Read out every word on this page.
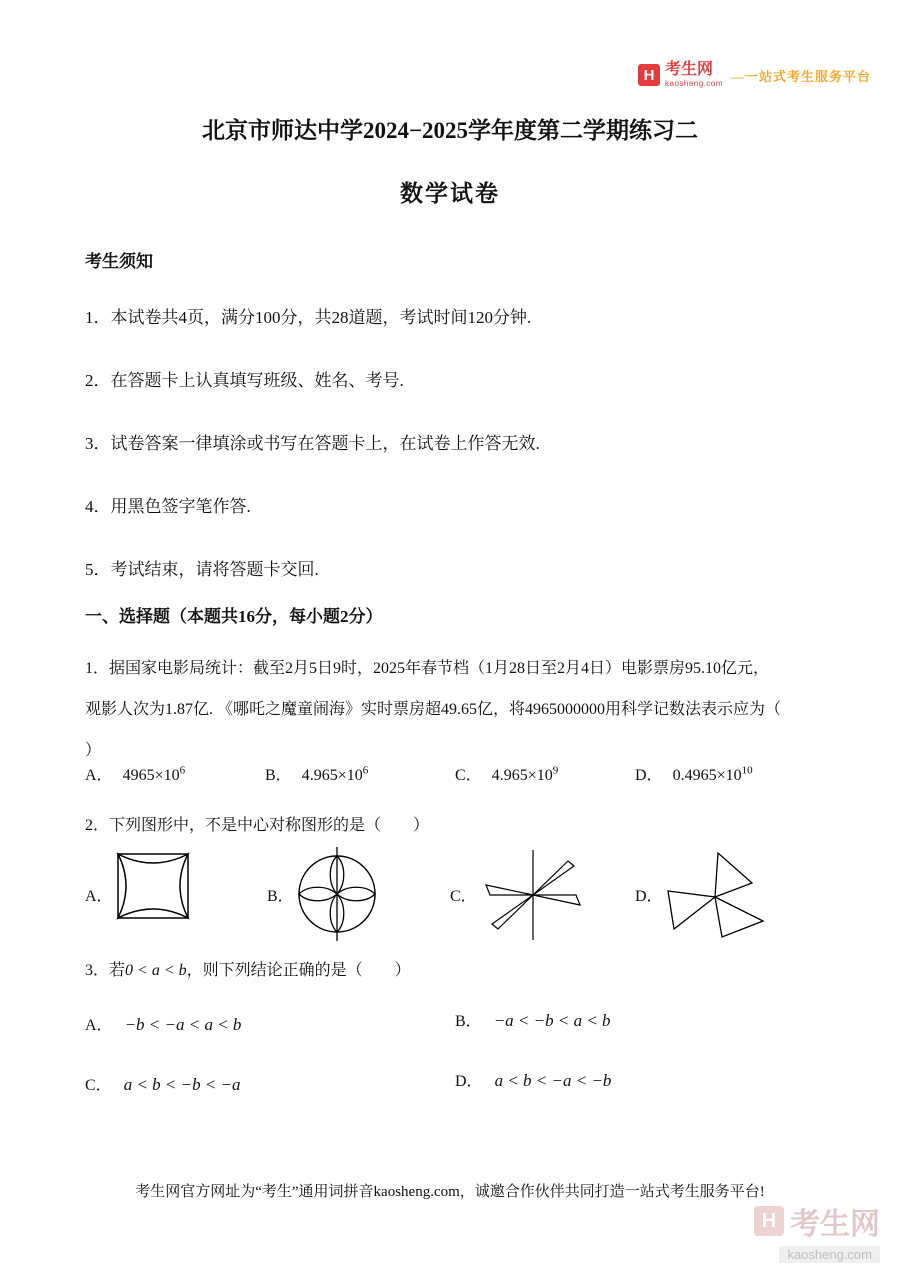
H 考生网
kaosheng.com —一站式考生服务平台
北京市师达中学2024−2025学年度第二学期练习二
数学试卷
考生须知
1．本试卷共4页，满分100分，共28道题，考试时间120分钟.
2．在答题卡上认真填写班级、姓名、考号.
3．试卷答案一律填涂或书写在答题卡上，在试卷上作答无效.
4．用黑色签字笔作答.
5．考试结束，请将答题卡交回.
一、选择题（本题共16分，每小题2分）
1．据国家电影局统计：截至2月5日9时，2025年春节档（1月28日至2月4日）电影票房95.10亿元，
观影人次为1.87亿. 《哪吒之魔童闹海》实时票房超49.65亿，将4965000000用科学记数法表示应为（
）
A． $4965\times 10^6$	B． $4.965\times 10^6$	C． $4.965\times 10^9$	D． $0.4965\times 10^{10}$
2．下列图形中，不是中心对称图形的是（　　）
A．	B．	C．	D．
3．若0 < a < b，则下列结论正确的是（　　）
A． −b < −a < a < b	B． −a < −b < a < b
C． a < b < −b < −a	D． a < b < −a < −b
考生网官方网址为“考生”通用词拼音kaosheng.com，诚邀合作伙伴共同打造一站式考生服务平台!
H 考生网
kaosheng.com
